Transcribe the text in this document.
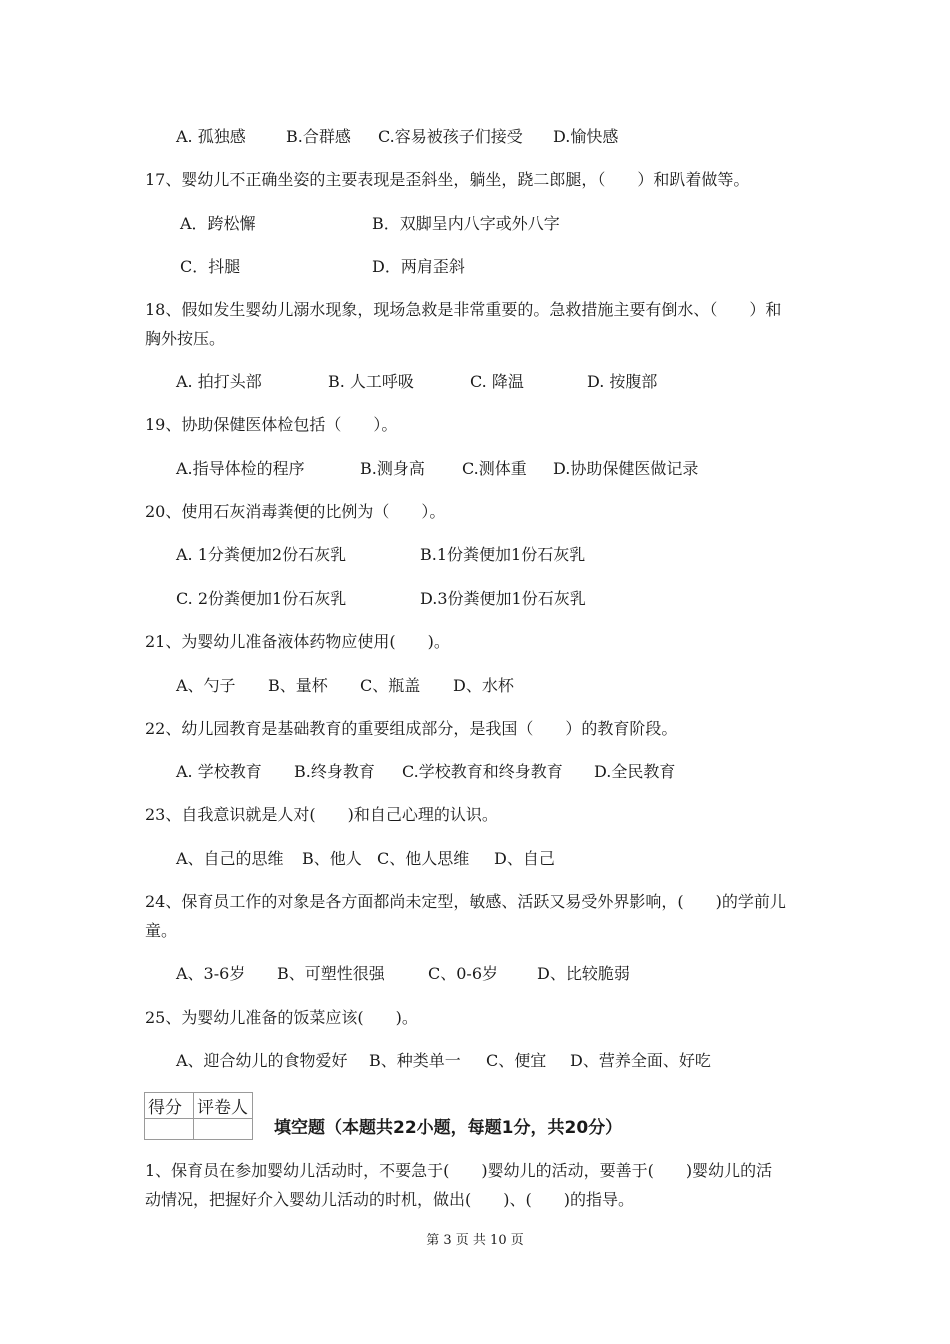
A. 孤独感	B.合群感 C.容易被孩子们接受 D.愉快感
17、婴幼儿不正确坐姿的主要表现是歪斜坐，躺坐，跷二郎腿，（　　）和趴着做等。
A．跨松懈	B．双脚呈内八字或外八字
C．抖腿	D．两肩歪斜
18、假如发生婴幼儿溺水现象，现场急救是非常重要的。急救措施主要有倒水、（　　）和
胸外按压。
A. 拍打头部	B. 人工呼吸	C. 降温	D. 按腹部
19、协助保健医体检包括（　　）。
A.指导体检的程序	B.测身高 C.测体重 D.协助保健医做记录
20、使用石灰消毒粪便的比例为（　　）。
A. 1分粪便加2份石灰乳	B.1份粪便加1份石灰乳
C. 2份粪便加1份石灰乳	D.3份粪便加1份石灰乳
21、为婴幼儿准备液体药物应使用(　　)。
A、勺子 B、量杯 C、瓶盖 D、水杯
22、幼儿园教育是基础教育的重要组成部分，是我国（　　）的教育阶段。
A. 学校教育 B.终身教育 C.学校教育和终身教育 D.全民教育
23、自我意识就是人对(　　)和自己心理的认识。
A、自己的思维 B、他人 C、他人思维 D、自己
24、保育员工作的对象是各方面都尚未定型，敏感、活跃又易受外界影响，(　　)的学前儿
童。
A、3-6岁 B、可塑性很强	C、0-6岁 D、比较脆弱
25、为婴幼儿准备的饭菜应该(　　)。
A、迎合幼儿的食物爱好 B、种类单一 C、便宜 D、营养全面、好吃
得分	评卷人

填空题（本题共22小题，每题1分，共20分）
1、保育员在参加婴幼儿活动时，不要急于(　　)婴幼儿的活动，要善于(　　)婴幼儿的活
动情况，把握好介入婴幼儿活动的时机，做出(　　)、(　　)的指导。
第 3 页 共 10 页
